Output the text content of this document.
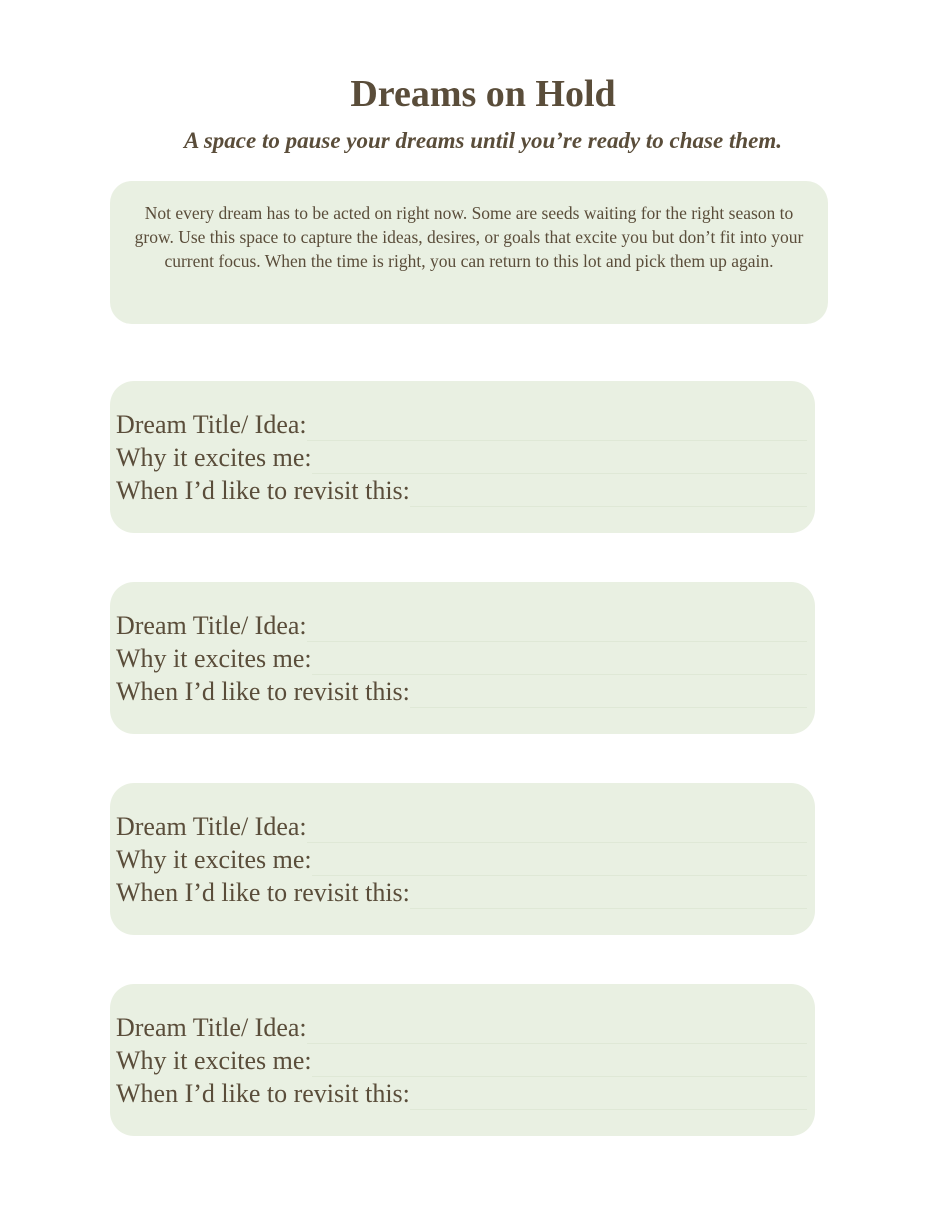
Dreams on Hold

A space to pause your dreams until you’re ready to chase them.

Not every dream has to be acted on right now. Some are seeds waiting for the right season to grow. Use this space to capture the ideas, desires, or goals that excite you but don’t fit into your current focus. When the time is right, you can return to this lot and pick them up again.

Dream Title/ Idea:
Why it excites me:
When I’d like to revisit this:
Dream Title/ Idea:
Why it excites me:
When I’d like to revisit this:
Dream Title/ Idea:
Why it excites me:
When I’d like to revisit this:
Dream Title/ Idea:
Why it excites me:
When I’d like to revisit this:
